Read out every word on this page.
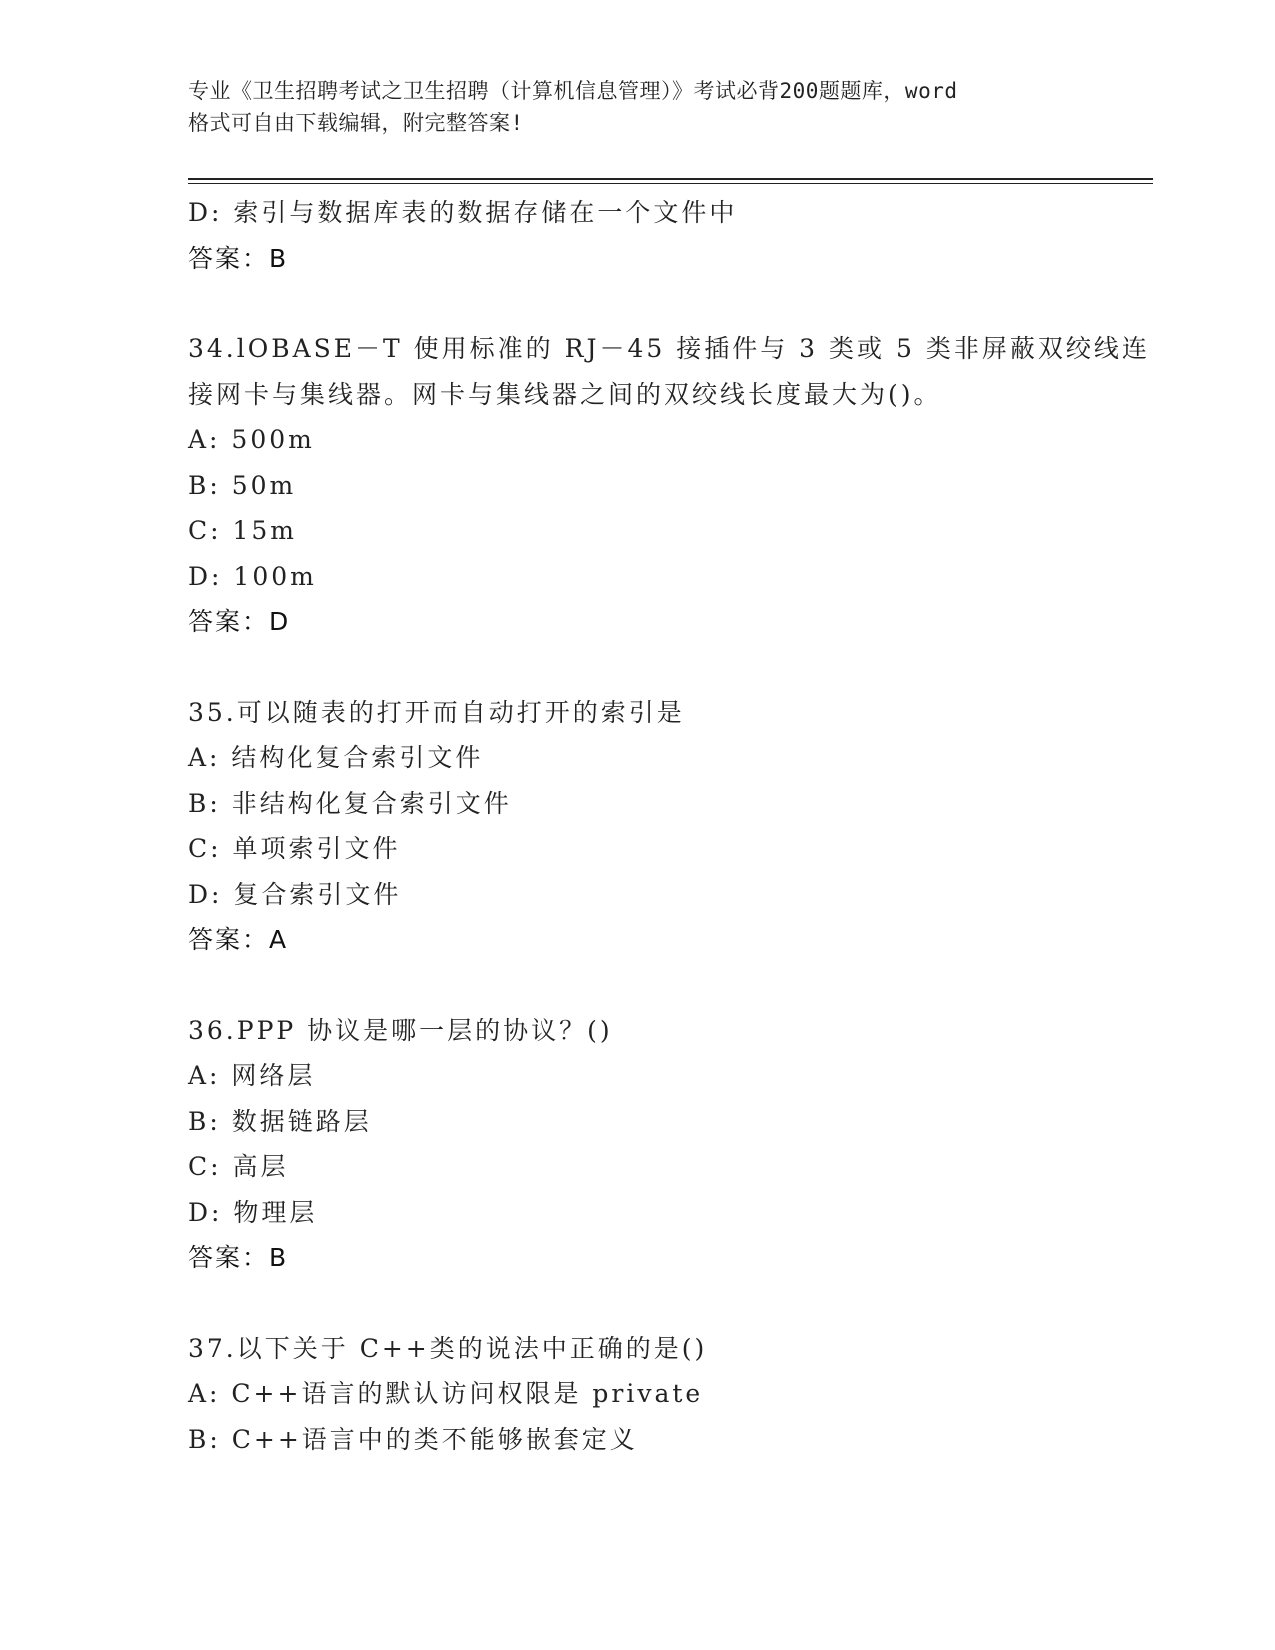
专业《卫生招聘考试之卫生招聘（计算机信息管理）》考试必背200题题库，word
格式可自由下载编辑，附完整答案!
D: 索引与数据库表的数据存储在一个文件中
答案：B
34.lOBASE－T 使用标准的 RJ－45 接插件与 3 类或 5 类非屏蔽双绞线连
接网卡与集线器。网卡与集线器之间的双绞线长度最大为()。
A: 500m
B: 50m
C: 15m
D: 100m
答案：D
35.可以随表的打开而自动打开的索引是
A: 结构化复合索引文件
B: 非结构化复合索引文件
C: 单项索引文件
D: 复合索引文件
答案：A
36.PPP 协议是哪一层的协议？()
A: 网络层
B: 数据链路层
C: 高层
D: 物理层
答案：B
37.以下关于 C++类的说法中正确的是()
A: C++语言的默认访问权限是 private
B: C++语言中的类不能够嵌套定义
